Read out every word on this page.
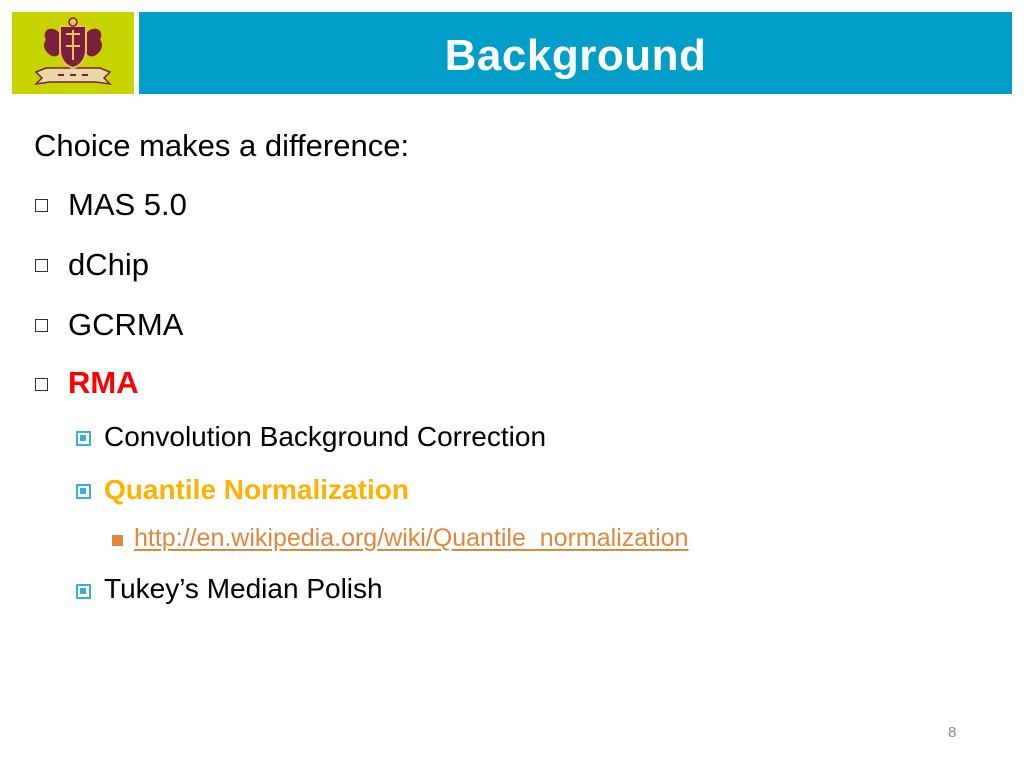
Background
Choice makes a difference:
MAS 5.0
dChip
GCRMA
RMA
Convolution Background Correction
Quantile Normalization
http://en.wikipedia.org/wiki/Quantile_normalization
Tukey’s Median Polish
8
